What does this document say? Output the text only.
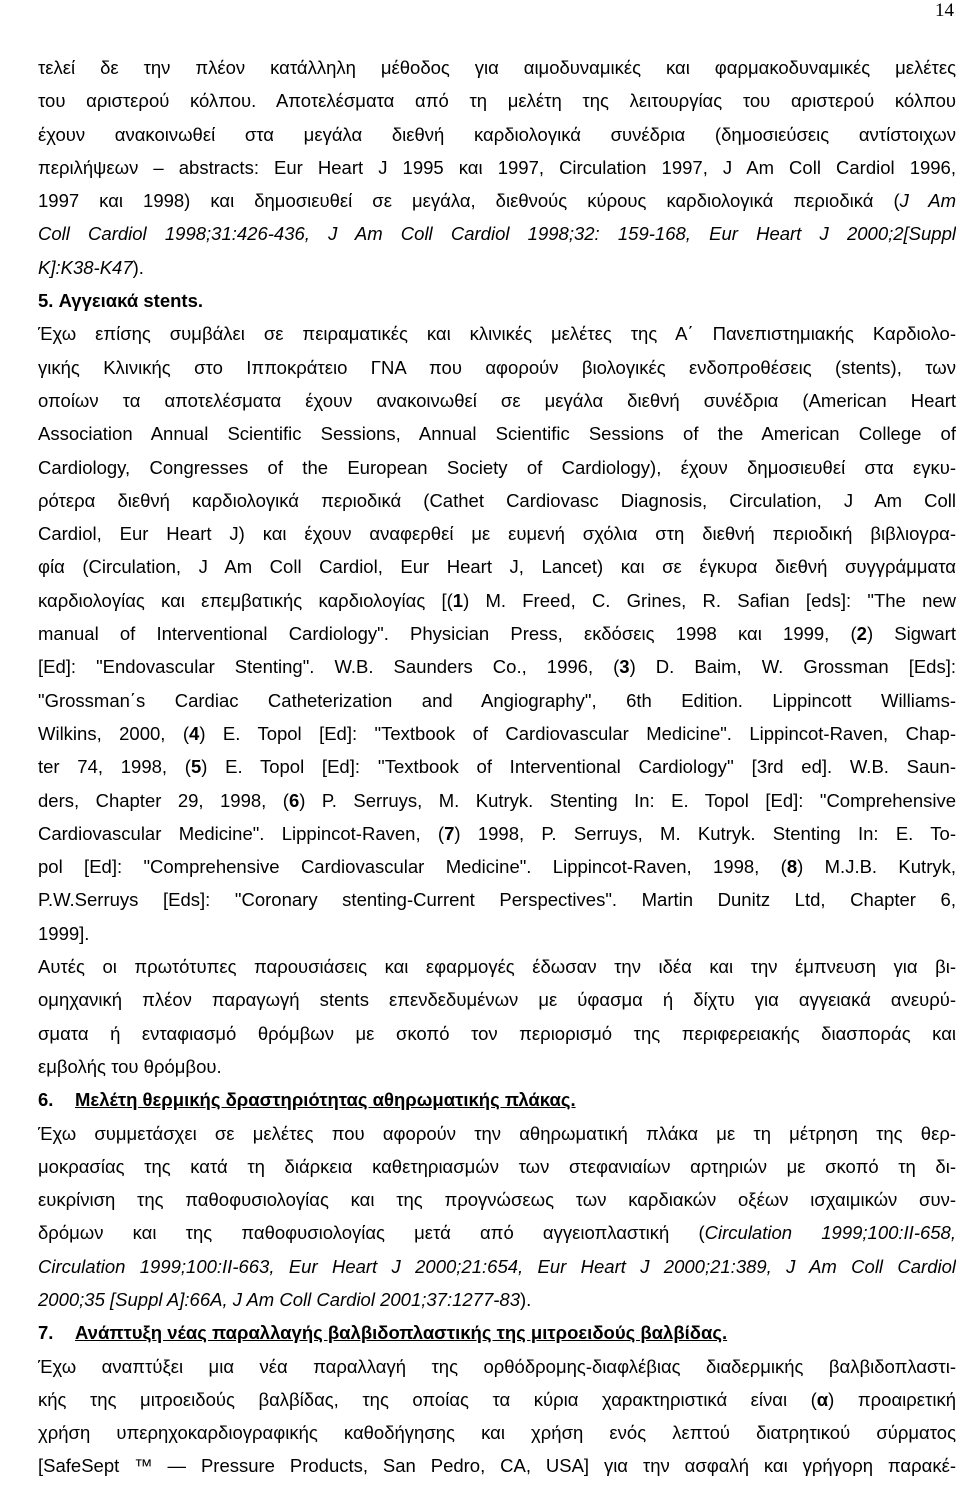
14
τελεί δε την πλέον κατάλληλη μέθοδος για αιμοδυναμικές και φαρμακοδυναμικές μελέτες
του αριστερού κόλπου. Αποτελέσματα από τη μελέτη της λειτουργίας του αριστερού κόλπου
έχουν ανακοινωθεί στα μεγάλα διεθνή καρδιολογικά συνέδρια (δημοσιεύσεις αντίστοιχων
περιλήψεων – abstracts: Eur Heart J 1995 και 1997, Circulation 1997, J Am Coll Cardiol 1996,
1997 και 1998) και δημοσιευθεί σε μεγάλα, διεθνούς κύρους καρδιολογικά περιοδικά (J Am
Coll Cardiol 1998;31:426-436, J Am Coll Cardiol 1998;32: 159-168, Eur Heart J 2000;2[Suppl
K]:K38-K47).
5. Αγγειακά stents.
Έχω επίσης συμβάλει σε πειραματικές και κλινικές μελέτες της Α΄ Πανεπιστημιακής Καρδιολο-
γικής Κλινικής στο Ιπποκράτειο ΓΝΑ που αφορούν βιολογικές ενδοπροθέσεις (stents), των
οποίων τα αποτελέσματα έχουν ανακοινωθεί σε μεγάλα διεθνή συνέδρια (American Heart
Association Annual Scientific Sessions, Annual Scientific Sessions of the American College of
Cardiology, Congresses of the European Society of Cardiology), έχουν δημοσιευθεί στα εγκυ-
ρότερα διεθνή καρδιολογικά περιοδικά (Cathet Cardiovasc Diagnosis, Circulation, J Am Coll
Cardiol, Eur Heart J) και έχουν αναφερθεί με ευμενή σχόλια στη διεθνή περιοδική βιβλιογρα-
φία (Circulation, J Am Coll Cardiol, Eur Heart J, Lancet) και σε έγκυρα διεθνή συγγράμματα
καρδιολογίας και επεμβατικής καρδιολογίας [(1) M. Freed, C. Grines, R. Safian [eds]: "The new
manual of Interventional Cardiology". Physician Press, εκδόσεις 1998 και 1999, (2) Sigwart
[Ed]: "Endovascular Stenting". W.B. Saunders Co., 1996, (3) D. Baim, W. Grossman [Eds]:
"Grossman΄s Cardiac Catheterization and Angiography", 6th Edition. Lippincott Williams-
Wilkins, 2000, (4) E. Topol [Ed]: "Textbook of Cardiovascular Medicine". Lippincot-Raven, Chap-
ter 74, 1998, (5) E. Topol [Ed]: ''Textbook of Interventional Cardiology'' [3rd ed]. W.B. Saun-
ders, Chapter 29, 1998, (6) P. Serruys, M. Kutryk. Stenting In: E. Topol [Ed]: "Comprehensive
Cardiovascular Medicine". Lippincot-Raven, (7) 1998, P. Serruys, M. Kutryk. Stenting In: E. To-
pol [Ed]: "Comprehensive Cardiovascular Medicine". Lippincot-Raven, 1998, (8) M.J.B. Kutryk,
P.W.Serruys [Eds]: "Coronary stenting-Current Perspectives". Martin Dunitz Ltd, Chapter 6,
1999].
Αυτές οι πρωτότυπες παρουσιάσεις και εφαρμογές έδωσαν την ιδέα και την έμπνευση για βι-
ομηχανική πλέον παραγωγή stents επενδεδυμένων με ύφασμα ή δίχτυ για αγγειακά ανευρύ-
σματα ή ενταφιασμό θρόμβων με σκοπό τον περιορισμό της περιφερειακής διασποράς και
εμβολής του θρόμβου.
6.	Μελέτη θερμικής δραστηριότητας αθηρωματικής πλάκας.
Έχω συμμετάσχει σε μελέτες που αφορούν την αθηρωματική πλάκα με τη μέτρηση της θερ-
μοκρασίας της κατά τη διάρκεια καθετηριασμών των στεφανιαίων αρτηριών με σκοπό τη δι-
ευκρίνιση της παθοφυσιολογίας και της προγνώσεως των καρδιακών οξέων ισχαιμικών συν-
δρόμων και της παθοφυσιολογίας μετά από αγγειοπλαστική (Circulation 1999;100:II-658,
Circulation 1999;100:II-663, Eur Heart J 2000;21:654, Eur Heart J 2000;21:389, J Am Coll Cardiol
2000;35 [Suppl A]:66A, J Am Coll Cardiol 2001;37:1277-83).
7.	Ανάπτυξη νέας παραλλαγής βαλβιδοπλαστικής της μιτροειδούς βαλβίδας.
Έχω αναπτύξει μια νέα παραλλαγή της ορθόδρομης-διαφλέβιας διαδερμικής βαλβιδοπλαστι-
κής της μιτροειδούς βαλβίδας, της οποίας τα κύρια χαρακτηριστικά είναι (α) προαιρετική
χρήση υπερηχοκαρδιογραφικής καθοδήγησης και χρήση ενός λεπτού διατρητικού σύρματος
[SafeSept ™ — Pressure Products, San Pedro, CA, USA] για την ασφαλή και γρήγορη παρακέ-
